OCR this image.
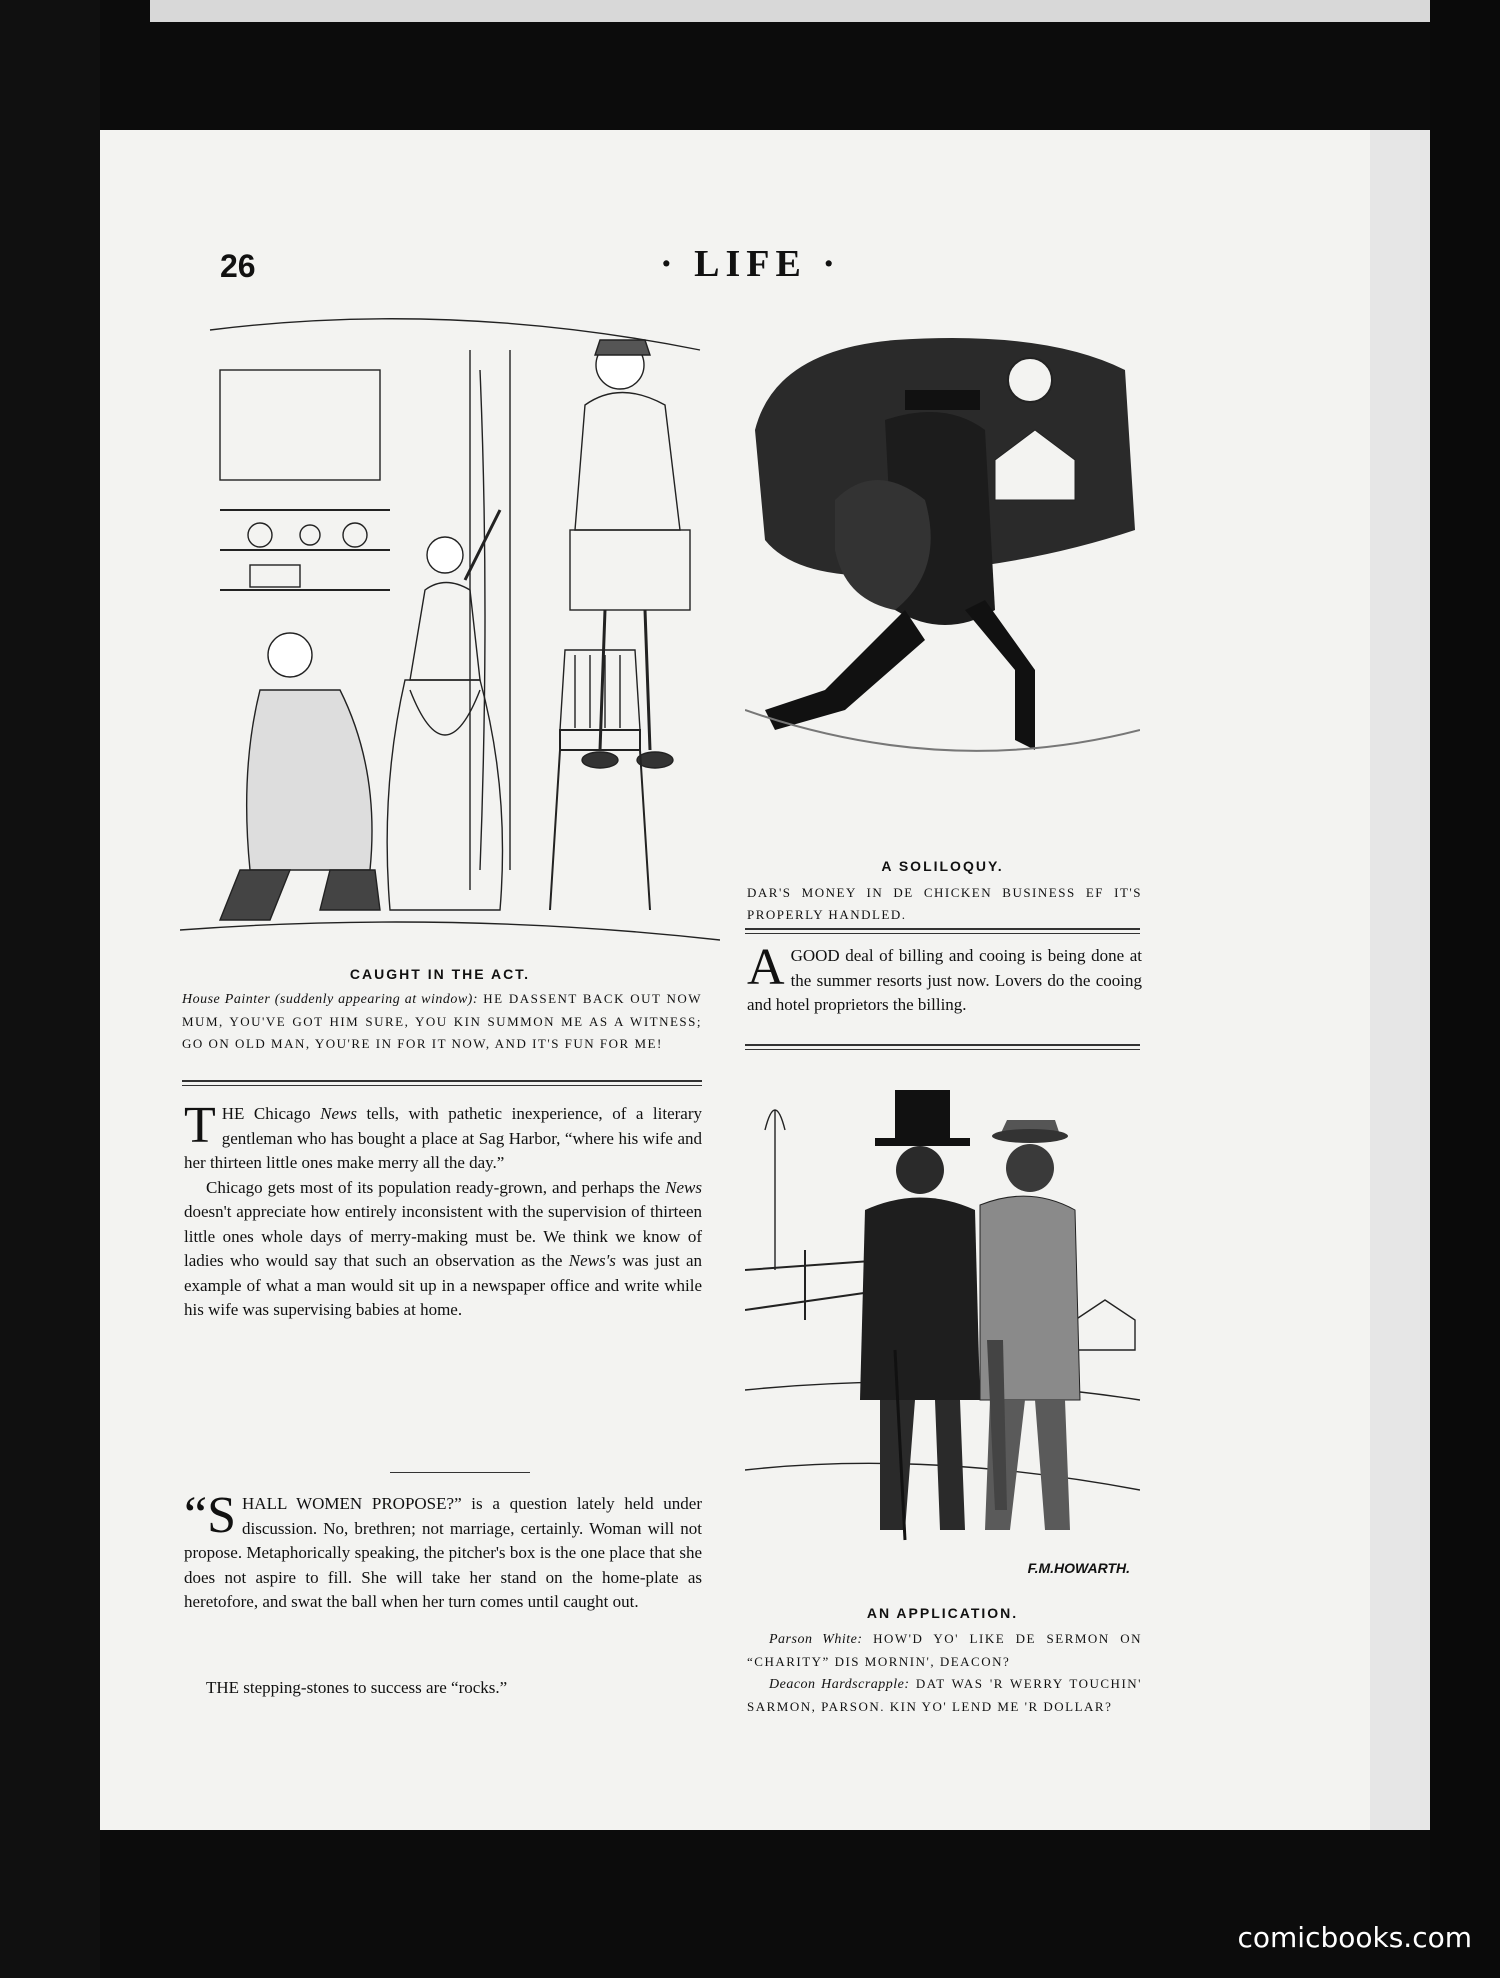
26	· LIFE ·
CAUGHT IN THE ACT.
House Painter (suddenly appearing at window): HE DASSENT BACK OUT NOW MUM, YOU'VE GOT HIM SURE, YOU KIN SUMMON ME AS A WITNESS; GO ON OLD MAN, YOU'RE IN FOR IT NOW, AND IT'S FUN FOR ME!
THE Chicago News tells, with pathetic inexperience, of a literary gentleman who has bought a place at Sag Harbor, “where his wife and her thirteen little ones make merry all the day.”
Chicago gets most of its population ready-grown, and perhaps the News doesn't appreciate how entirely inconsistent with the supervision of thirteen little ones whole days of merry-making must be. We think we know of ladies who would say that such an observation as the News's was just an example of what a man would sit up in a newspaper office and write while his wife was supervising babies at home.
“S HALL WOMEN PROPOSE?” is a question lately held under discussion. No, brethren; not marriage, certainly. Woman will not propose. Metaphorically speaking, the pitcher's box is the one place that she does not aspire to fill. She will take her stand on the home-plate as heretofore, and swat the ball when her turn comes until caught out.
THE stepping-stones to success are “rocks.”
A SOLILOQUY.
DAR'S MONEY IN DE CHICKEN BUSINESS EF IT'S PROPERLY HANDLED.
AGOOD deal of billing and cooing is being done at the summer resorts just now. Lovers do the cooing and hotel proprietors the billing.
F.M.HOWARTH.
AN APPLICATION.
Parson White: HOW'D YO' LIKE DE SERMON ON “CHARITY” DIS MORNIN', DEACON?
Deacon Hardscrapple: DAT WAS 'R WERRY TOUCHIN' SARMON, PARSON. KIN YO' LEND ME 'R DOLLAR?
comicbooks.com
